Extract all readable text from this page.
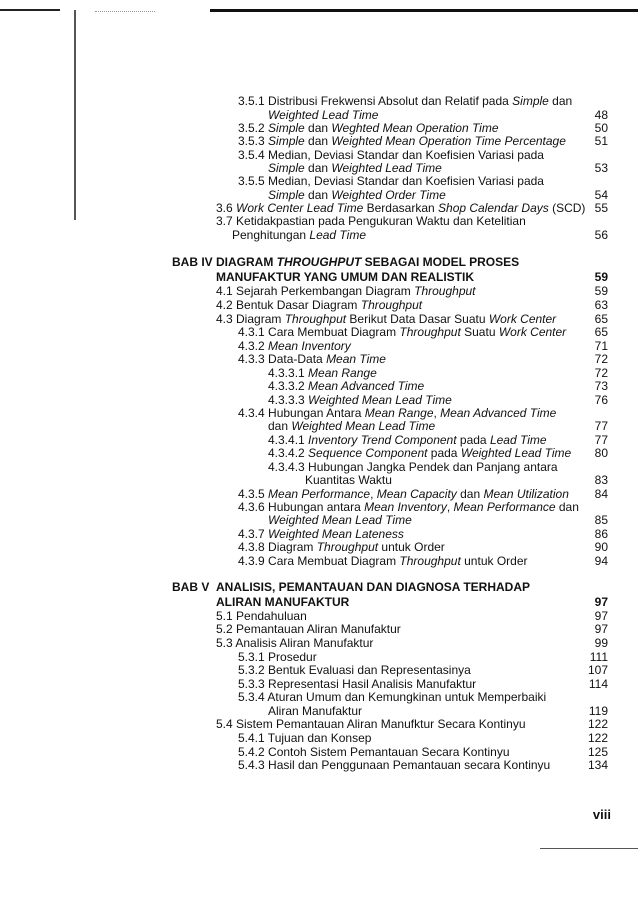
3.5.1 Distribusi Frekwensi Absolut dan Relatif pada Simple dan
Weighted Lead Time	48
3.5.2 Simple dan Weghted Mean Operation Time	50
3.5.3 Simple dan Weighted Mean Operation Time Percentage 51
3.5.4 Median, Deviasi Standar dan Koefisien Variasi pada
Simple dan Weighted Lead Time	53
3.5.5 Median, Deviasi Standar dan Koefisien Variasi pada
Simple dan Weighted Order Time	54
3.6 Work Center Lead Time Berdasarkan Shop Calendar Days (SCD) 55
3.7 Ketidakpastian pada Pengukuran Waktu dan Ketelitian
Penghitungan Lead Time	56
BAB IV DIAGRAM THROUGHPUT SEBAGAI MODEL PROSES
MANUFAKTUR YANG UMUM DAN REALISTIK	59
4.1 Sejarah Perkembangan Diagram Throughput	59
4.2 Bentuk Dasar Diagram Throughput	63
4.3 Diagram Throughput Berikut Data Dasar Suatu Work Center	65
4.3.1 Cara Membuat Diagram Throughput Suatu Work Center 65
4.3.2 Mean Inventory	71
4.3.3 Data-Data Mean Time	72
4.3.3.1 Mean Range	72
4.3.3.2 Mean Advanced Time	73
4.3.3.3 Weighted Mean Lead Time	76
4.3.4 Hubungan Antara Mean Range, Mean Advanced Time
dan Weighted Mean Lead Time	77
4.3.4.1 Inventory Trend Component pada Lead Time	77
4.3.4.2 Sequence Component pada Weighted Lead Time 80
4.3.4.3 Hubungan Jangka Pendek dan Panjang antara
Kuantitas Waktu	83
4.3.5 Mean Performance, Mean Capacity dan Mean Utilization 84
4.3.6 Hubungan antara Mean Inventory, Mean Performance dan
Weighted Mean Lead Time	85
4.3.7 Weighted Mean Lateness	86
4.3.8 Diagram Throughput untuk Order	90
4.3.9 Cara Membuat Diagram Throughput untuk Order	94
BAB V ANALISIS, PEMANTAUAN DAN DIAGNOSA TERHADAP
ALIRAN MANUFAKTUR	97
5.1 Pendahuluan	97
5.2 Pemantauan Aliran Manufaktur	97
5.3 Analisis Aliran Manufaktur	99
5.3.1 Prosedur	111
5.3.2 Bentuk Evaluasi dan Representasinya	107
5.3.3 Representasi Hasil Analisis Manufaktur	114
5.3.4 Aturan Umum dan Kemungkinan untuk Memperbaiki
Aliran Manufaktur	119
5.4 Sistem Pemantauan Aliran Manufktur Secara Kontinyu	122
5.4.1 Tujuan dan Konsep	122
5.4.2 Contoh Sistem Pemantauan Secara Kontinyu	125
5.4.3 Hasil dan Penggunaan Pemantauan secara Kontinyu	134
viii
